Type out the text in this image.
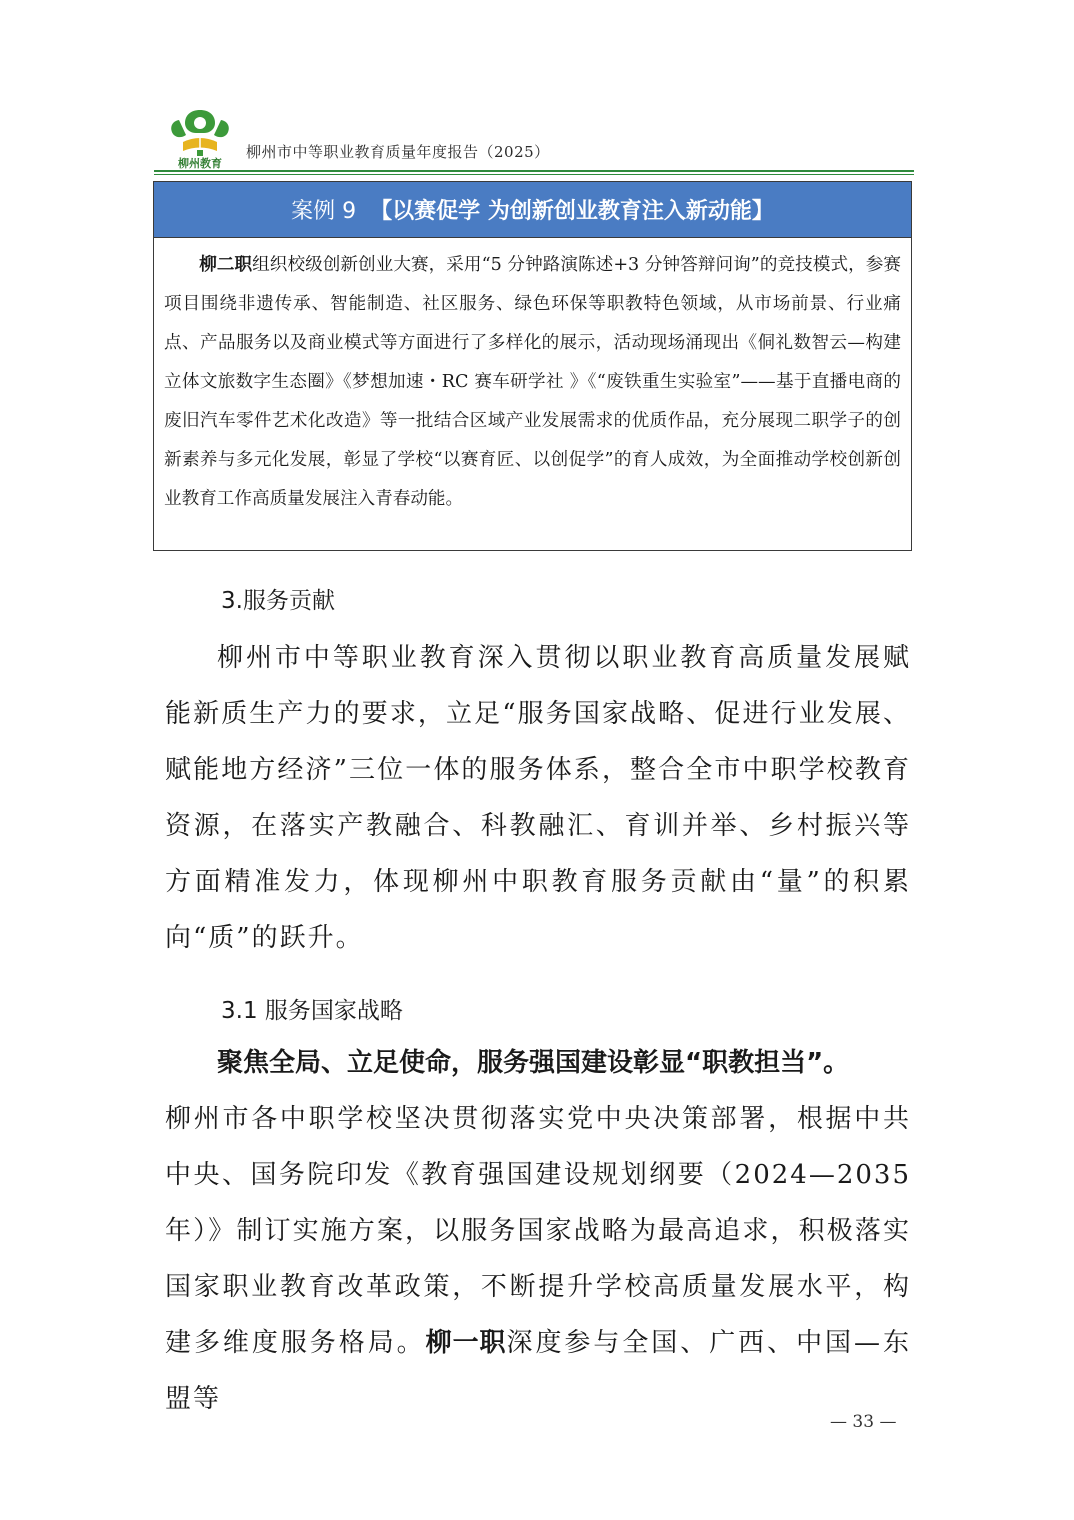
柳州教育
柳州市中等职业教育质量年度报告（2025）
案例 9 【以赛促学 为创新创业教育注入新动能】
柳二职组织校级创新创业大赛，采用“5 分钟路演陈述+3 分钟答辩问询”的竞技模式，参赛项目围绕非遗传承、智能制造、社区服务、绿色环保等职教特色领域，从市场前景、行业痛点、产品服务以及商业模式等方面进行了多样化的展示，活动现场涌现出《侗礼数智云—构建立体文旅数字生态圈》《梦想加速・RC 赛车研学社 》《“废铁重生实验室”——基于直播电商的废旧汽车零件艺术化改造》等一批结合区域产业发展需求的优质作品，充分展现二职学子的创新素养与多元化发展，彰显了学校“以赛育匠、以创促学”的育人成效，为全面推动学校创新创业教育工作高质量发展注入青春动能。
3.服务贡献
柳州市中等职业教育深入贯彻以职业教育高质量发展赋能新质生产力的要求，立足“服务国家战略、促进行业发展、赋能地方经济”三位一体的服务体系，整合全市中职学校教育资源，在落实产教融合、科教融汇、育训并举、乡村振兴等方面精准发力，体现柳州中职教育服务贡献由“量”的积累向“质”的跃升。
3.1 服务国家战略
聚焦全局、立足使命，服务强国建设彰显“职教担当”。
柳州市各中职学校坚决贯彻落实党中央决策部署，根据中共中央、国务院印发《教育强国建设规划纲要（2024—2035 年）》制订实施方案，以服务国家战略为最高追求，积极落实国家职业教育改革政策，不断提升学校高质量发展水平，构建多维度服务格局。柳一职深度参与全国、广西、中国—东盟等
— 33 —
